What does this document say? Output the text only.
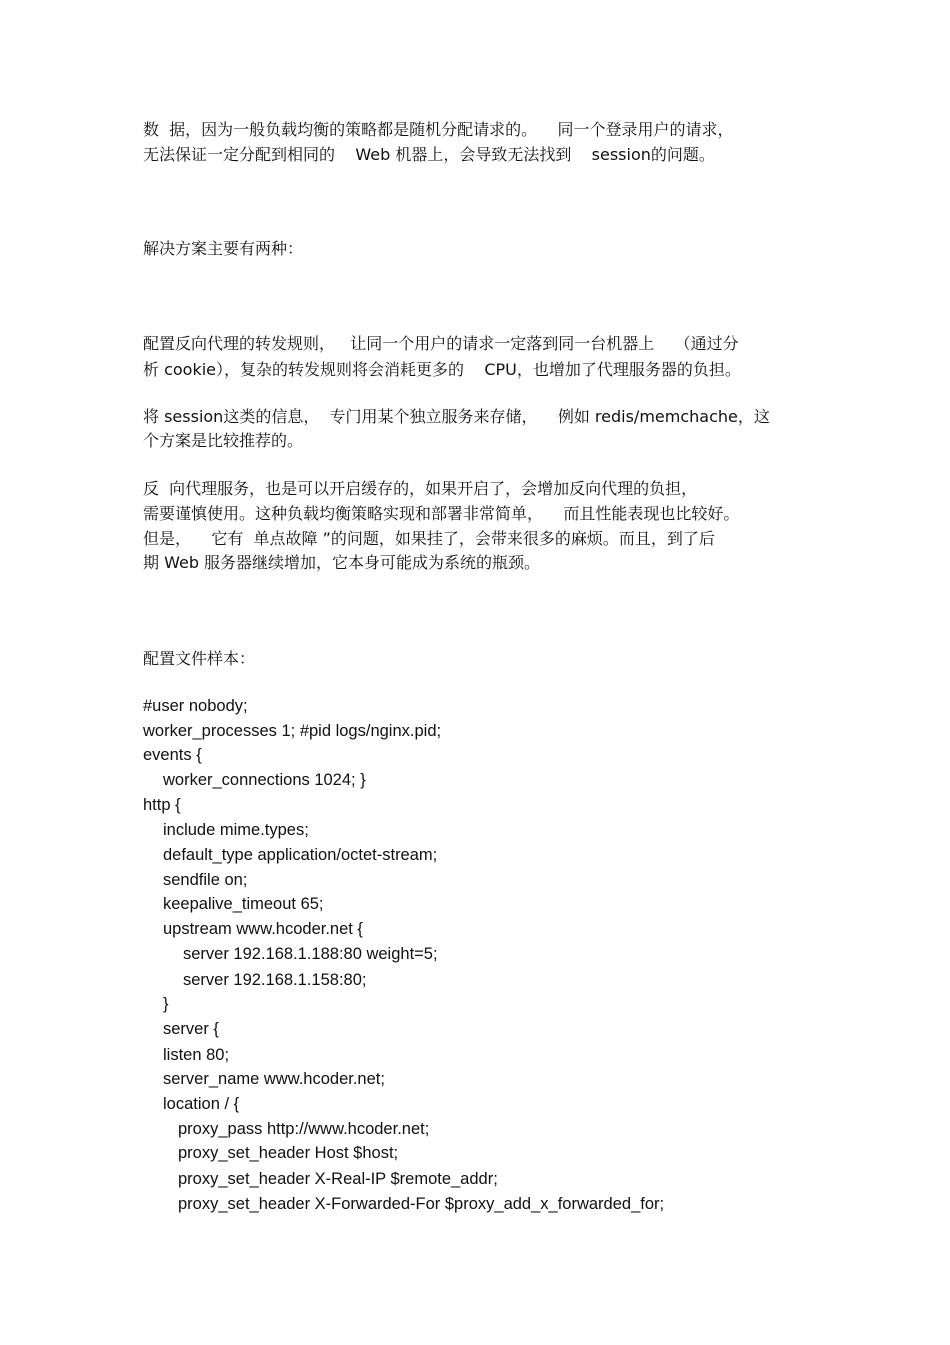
数  据，因为一般负载均衡的策略都是随机分配请求的。    同一个登录用户的请求，
无法保证一定分配到相同的    Web 机器上，会导致无法找到    session的问题。
解决方案主要有两种：
配置反向代理的转发规则，   让同一个用户的请求一定落到同一台机器上    （通过分
析 cookie），复杂的转发规则将会消耗更多的    CPU，也增加了代理服务器的负担。
将 session这类的信息，  专门用某个独立服务来存储，    例如 redis/memchache，这
个方案是比较推荐的。
反  向代理服务，也是可以开启缓存的，如果开启了，会增加反向代理的负担，
需要谨慎使用。这种负载均衡策略实现和部署非常简单，    而且性能表现也比较好。
但是，    它有  单点故障 ”的问题，如果挂了，会带来很多的麻烦。而且，到了后
期 Web 服务器继续增加，它本身可能成为系统的瓶颈。
配置文件样本：
#user nobody;
worker_processes 1; #pid logs/nginx.pid;
events {
worker_connections 1024; }
http {
include mime.types;
default_type application/octet-stream;
sendfile on;
keepalive_timeout 65;
upstream www.hcoder.net {
server 192.168.1.188:80 weight=5;
server 192.168.1.158:80;
}
server {
listen 80;
server_name www.hcoder.net;
location / {
proxy_pass http://www.hcoder.net;
proxy_set_header Host $host;
proxy_set_header X-Real-IP $remote_addr;
proxy_set_header X-Forwarded-For $proxy_add_x_forwarded_for;
